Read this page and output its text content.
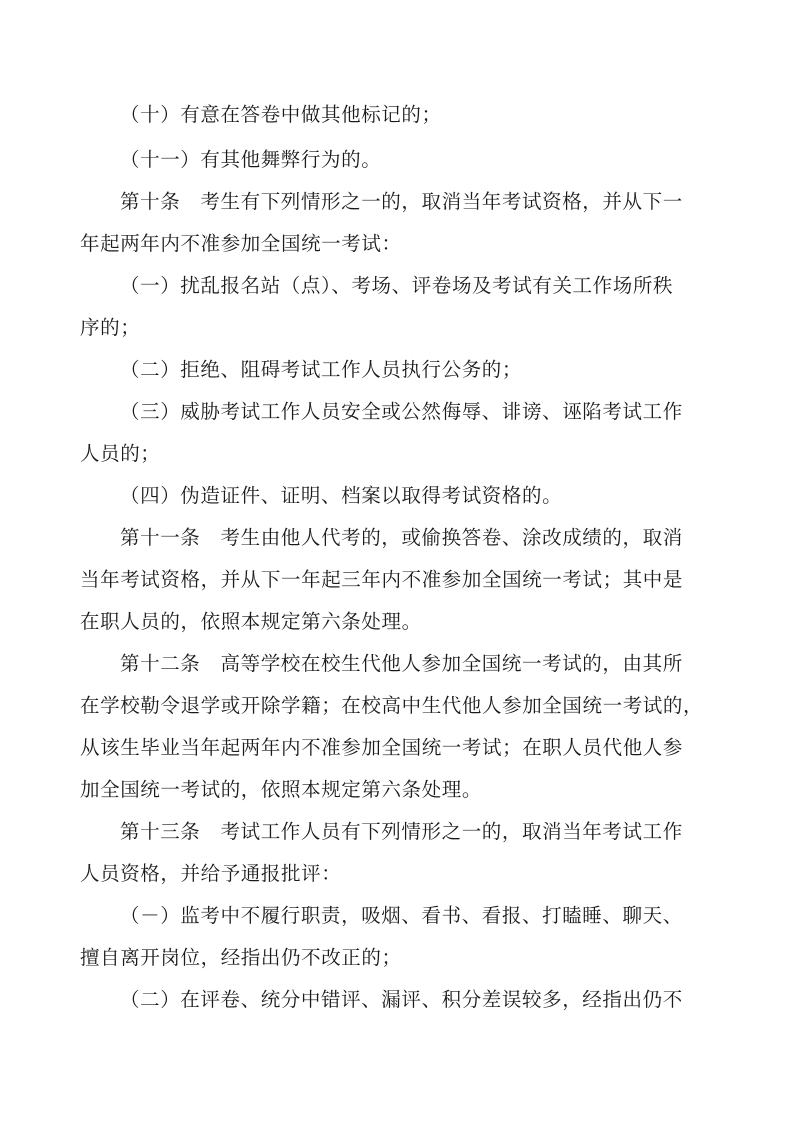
（十）有意在答卷中做其他标记的；
（十一）有其他舞弊行为的。
第十条　考生有下列情形之一的，取消当年考试资格，并从下一
年起两年内不准参加全国统一考试：
（一）扰乱报名站（点）、考场、评卷场及考试有关工作场所秩
序的；
（二）拒绝、阻碍考试工作人员执行公务的；
（三）威胁考试工作人员安全或公然侮辱、诽谤、诬陷考试工作
人员的；
（四）伪造证件、证明、档案以取得考试资格的。
第十一条　考生由他人代考的，或偷换答卷、涂改成绩的，取消
当年考试资格，并从下一年起三年内不准参加全国统一考试；其中是
在职人员的，依照本规定第六条处理。
第十二条　高等学校在校生代他人参加全国统一考试的，由其所
在学校勒令退学或开除学籍；在校高中生代他人参加全国统一考试的，
从该生毕业当年起两年内不准参加全国统一考试；在职人员代他人参
加全国统一考试的，依照本规定第六条处理。
第十三条　考试工作人员有下列情形之一的，取消当年考试工作
人员资格，并给予通报批评：
（－）监考中不履行职责，吸烟、看书、看报、打瞌睡、聊天、
擅自离开岗位，经指出仍不改正的；
（二）在评卷、统分中错评、漏评、积分差误较多，经指出仍不
